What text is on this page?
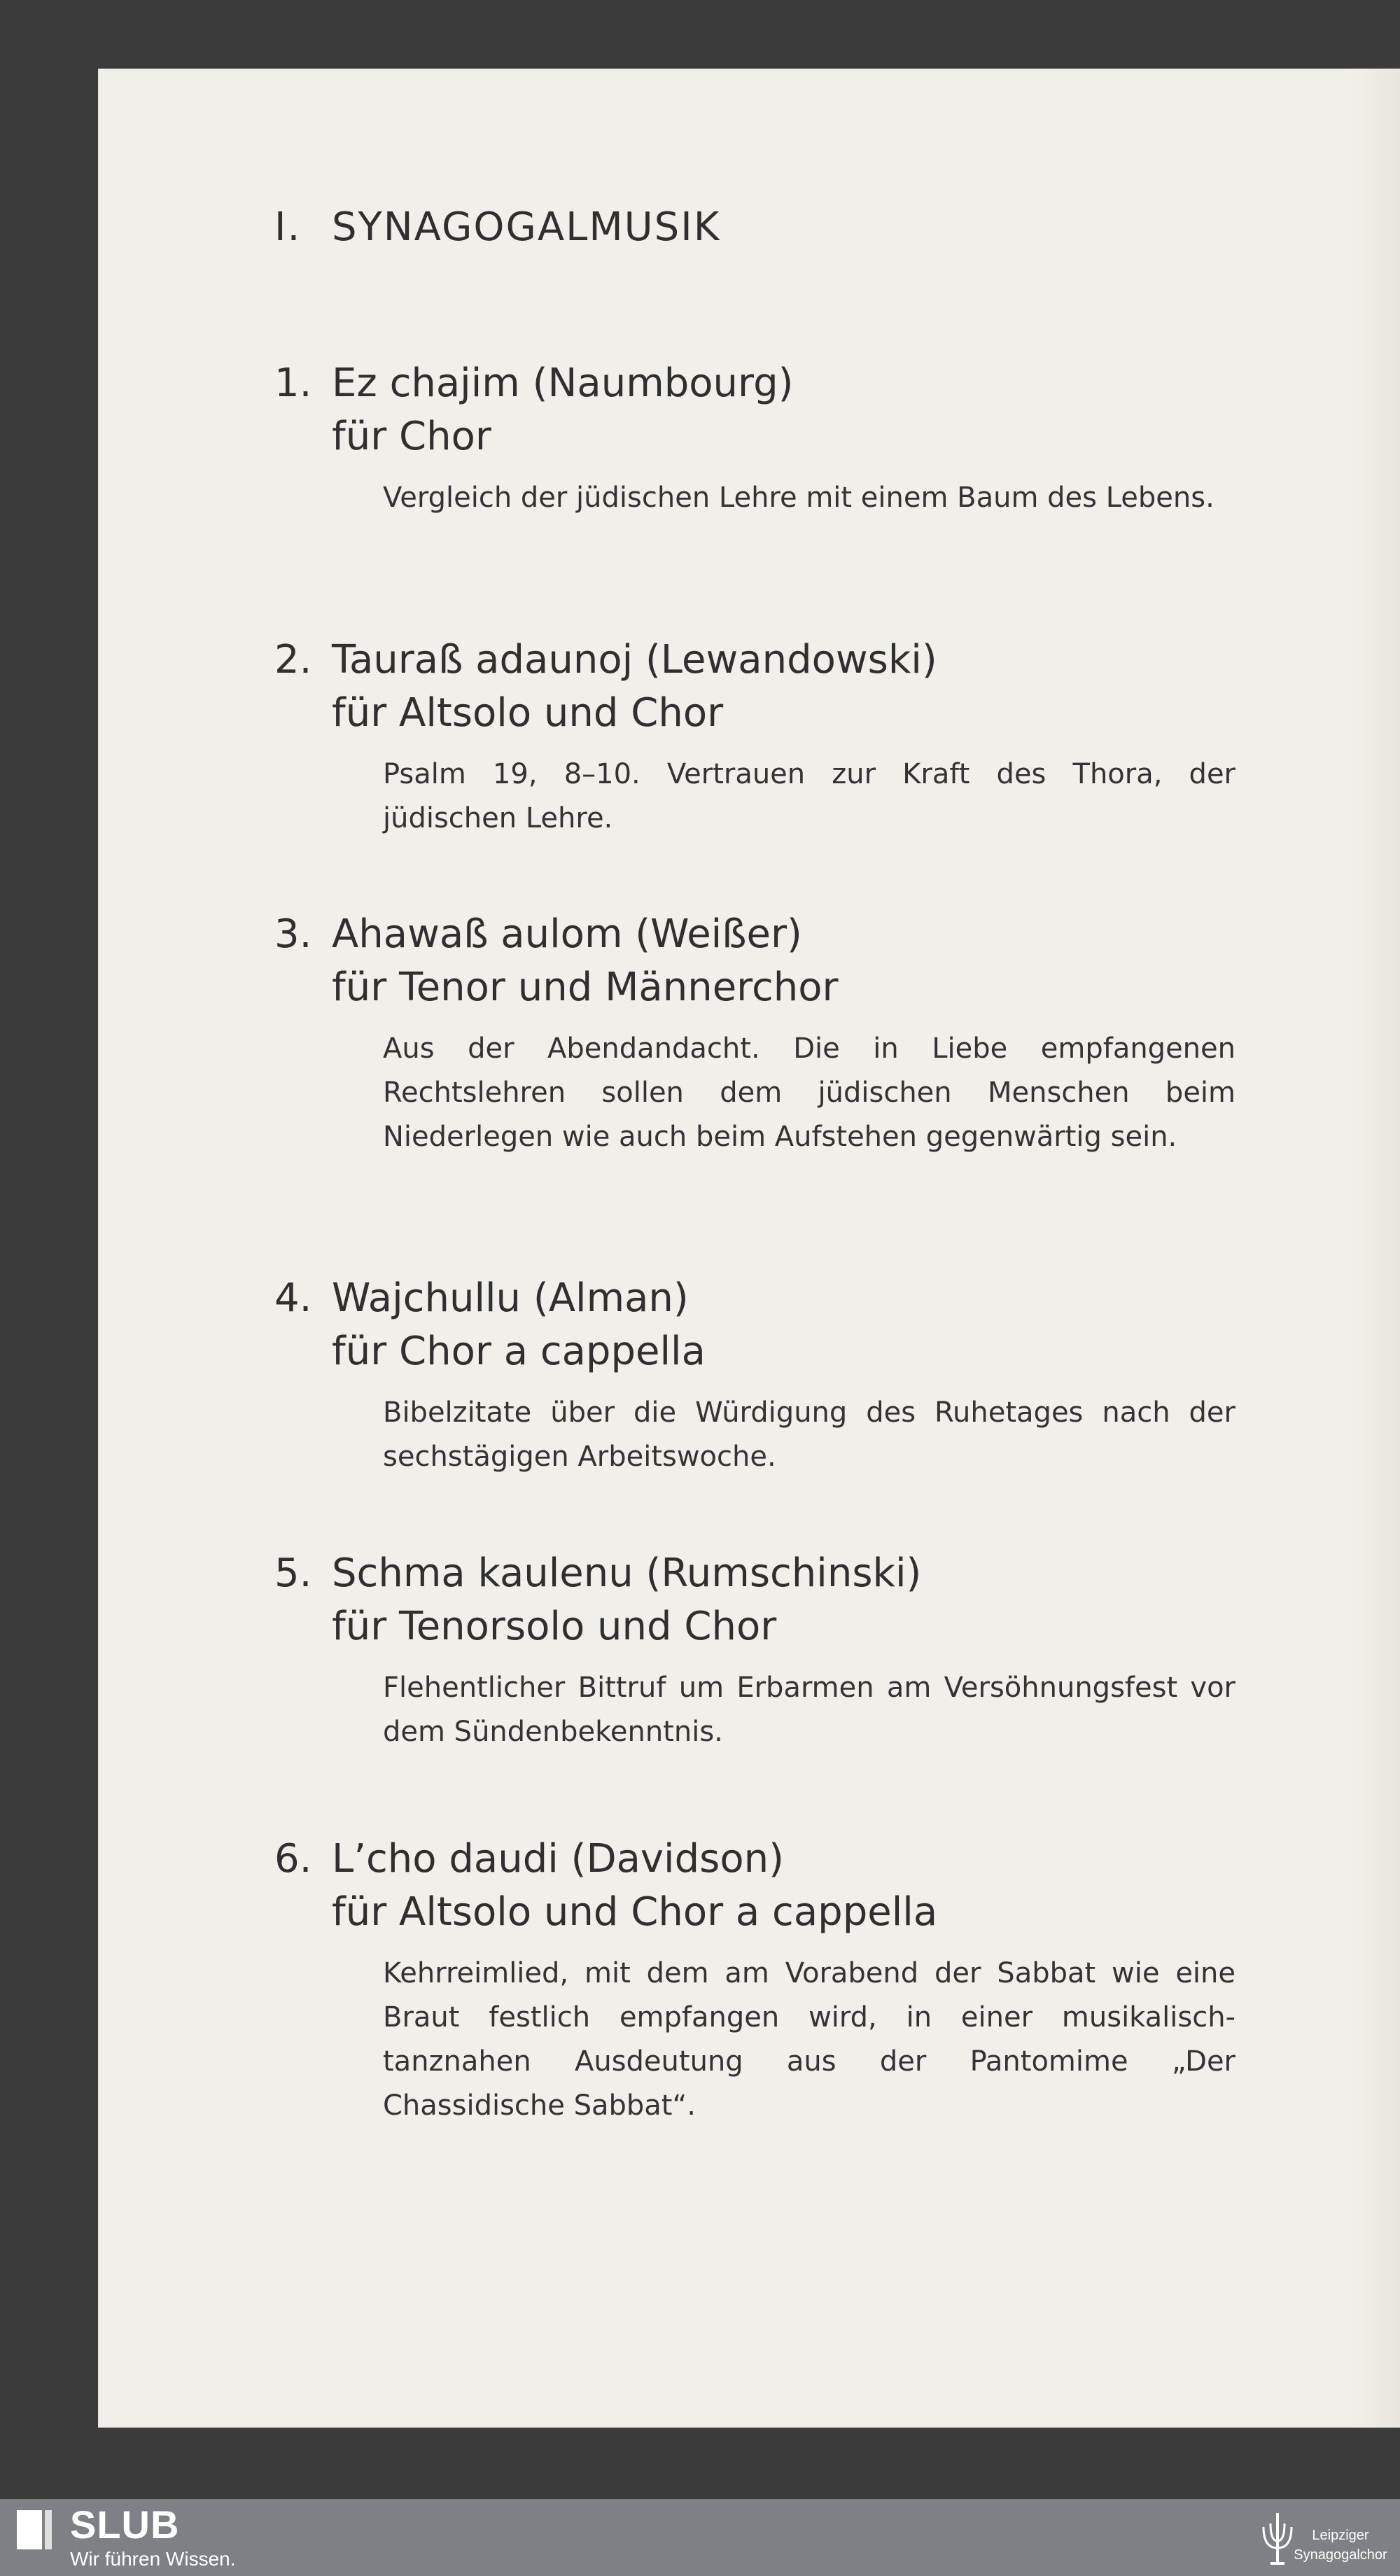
I. SYNAGOGALMUSIK
1. Ez chajim (Naumbourg)
für Chor
Vergleich der jüdischen Lehre mit einem Baum des Lebens.
2. Tauraß adaunoj (Lewandowski)
für Altsolo und Chor
Psalm 19, 8–10. Vertrauen zur Kraft des Thora, der jüdischen Lehre.
3. Ahawaß aulom (Weißer)
für Tenor und Männerchor
Aus der Abendandacht. Die in Liebe empfangenen Rechtslehren sollen dem jüdischen Menschen beim Niederlegen wie auch beim Aufstehen gegenwärtig sein.
4. Wajchullu (Alman)
für Chor a cappella
Bibelzitate über die Würdigung des Ruhetages nach der sechstägigen Arbeitswoche.
5. Schma kaulenu (Rumschinski)
für Tenorsolo und Chor
Flehentlicher Bittruf um Erbarmen am Versöhnungsfest vor dem Sündenbekenntnis.
6. L’cho daudi (Davidson)
für Altsolo und Chor a cappella
Kehrreimlied, mit dem am Vorabend der Sabbat wie eine Braut festlich empfangen wird, in einer musikalisch-tanznahen Ausdeutung aus der Pantomime „Der Chassidische Sabbat“.
SLUB
Wir führen Wissen.
Leipziger
Synagogalchor
